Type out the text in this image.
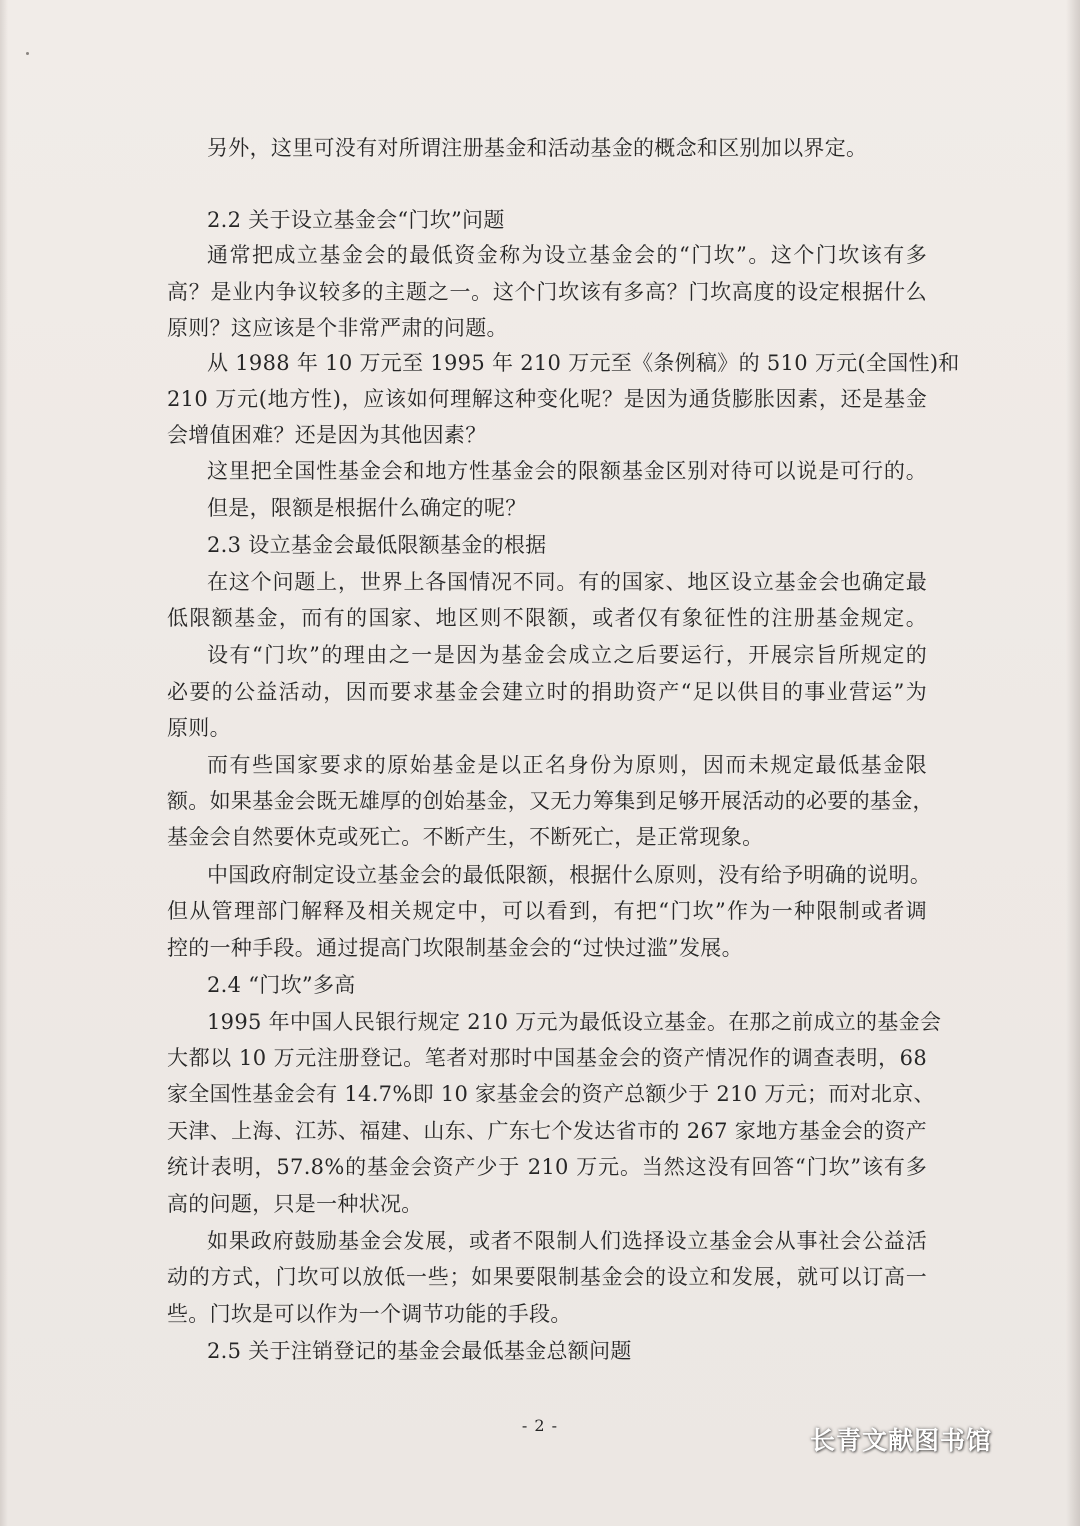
另外，这里可没有对所谓注册基金和活动基金的概念和区别加以界定。
2.2 关于设立基金会“门坎”问题
通常把成立基金会的最低资金称为设立基金会的“门坎”。这个门坎该有多
高？是业内争议较多的主题之一。这个门坎该有多高？门坎高度的设定根据什么
原则？这应该是个非常严肃的问题。
从 1988 年 10 万元至 1995 年 210 万元至《条例稿》的 510 万元(全国性)和
210 万元(地方性)，应该如何理解这种变化呢？是因为通货膨胀因素，还是基金
会增值困难？还是因为其他因素？
这里把全国性基金会和地方性基金会的限额基金区别对待可以说是可行的。
但是，限额是根据什么确定的呢？
2.3 设立基金会最低限额基金的根据
在这个问题上，世界上各国情况不同。有的国家、地区设立基金会也确定最
低限额基金，而有的国家、地区则不限额，或者仅有象征性的注册基金规定。
设有“门坎”的理由之一是因为基金会成立之后要运行，开展宗旨所规定的
必要的公益活动，因而要求基金会建立时的捐助资产“足以供目的事业营运”为
原则。
而有些国家要求的原始基金是以正名身份为原则，因而未规定最低基金限
额。如果基金会既无雄厚的创始基金，又无力筹集到足够开展活动的必要的基金，
基金会自然要休克或死亡。不断产生，不断死亡，是正常现象。
中国政府制定设立基金会的最低限额，根据什么原则，没有给予明确的说明。
但从管理部门解释及相关规定中，可以看到，有把“门坎”作为一种限制或者调
控的一种手段。通过提高门坎限制基金会的“过快过滥”发展。
2.4 “门坎”多高
1995 年中国人民银行规定 210 万元为最低设立基金。在那之前成立的基金会
大都以 10 万元注册登记。笔者对那时中国基金会的资产情况作的调查表明，68
家全国性基金会有 14.7%即 10 家基金会的资产总额少于 210 万元；而对北京、
天津、上海、江苏、福建、山东、广东七个发达省市的 267 家地方基金会的资产
统计表明，57.8%的基金会资产少于 210 万元。当然这没有回答“门坎”该有多
高的问题，只是一种状况。
如果政府鼓励基金会发展，或者不限制人们选择设立基金会从事社会公益活
动的方式，门坎可以放低一些；如果要限制基金会的设立和发展，就可以订高一
些。门坎是可以作为一个调节功能的手段。
2.5 关于注销登记的基金会最低基金总额问题
- 2 -
长青文献图书馆
